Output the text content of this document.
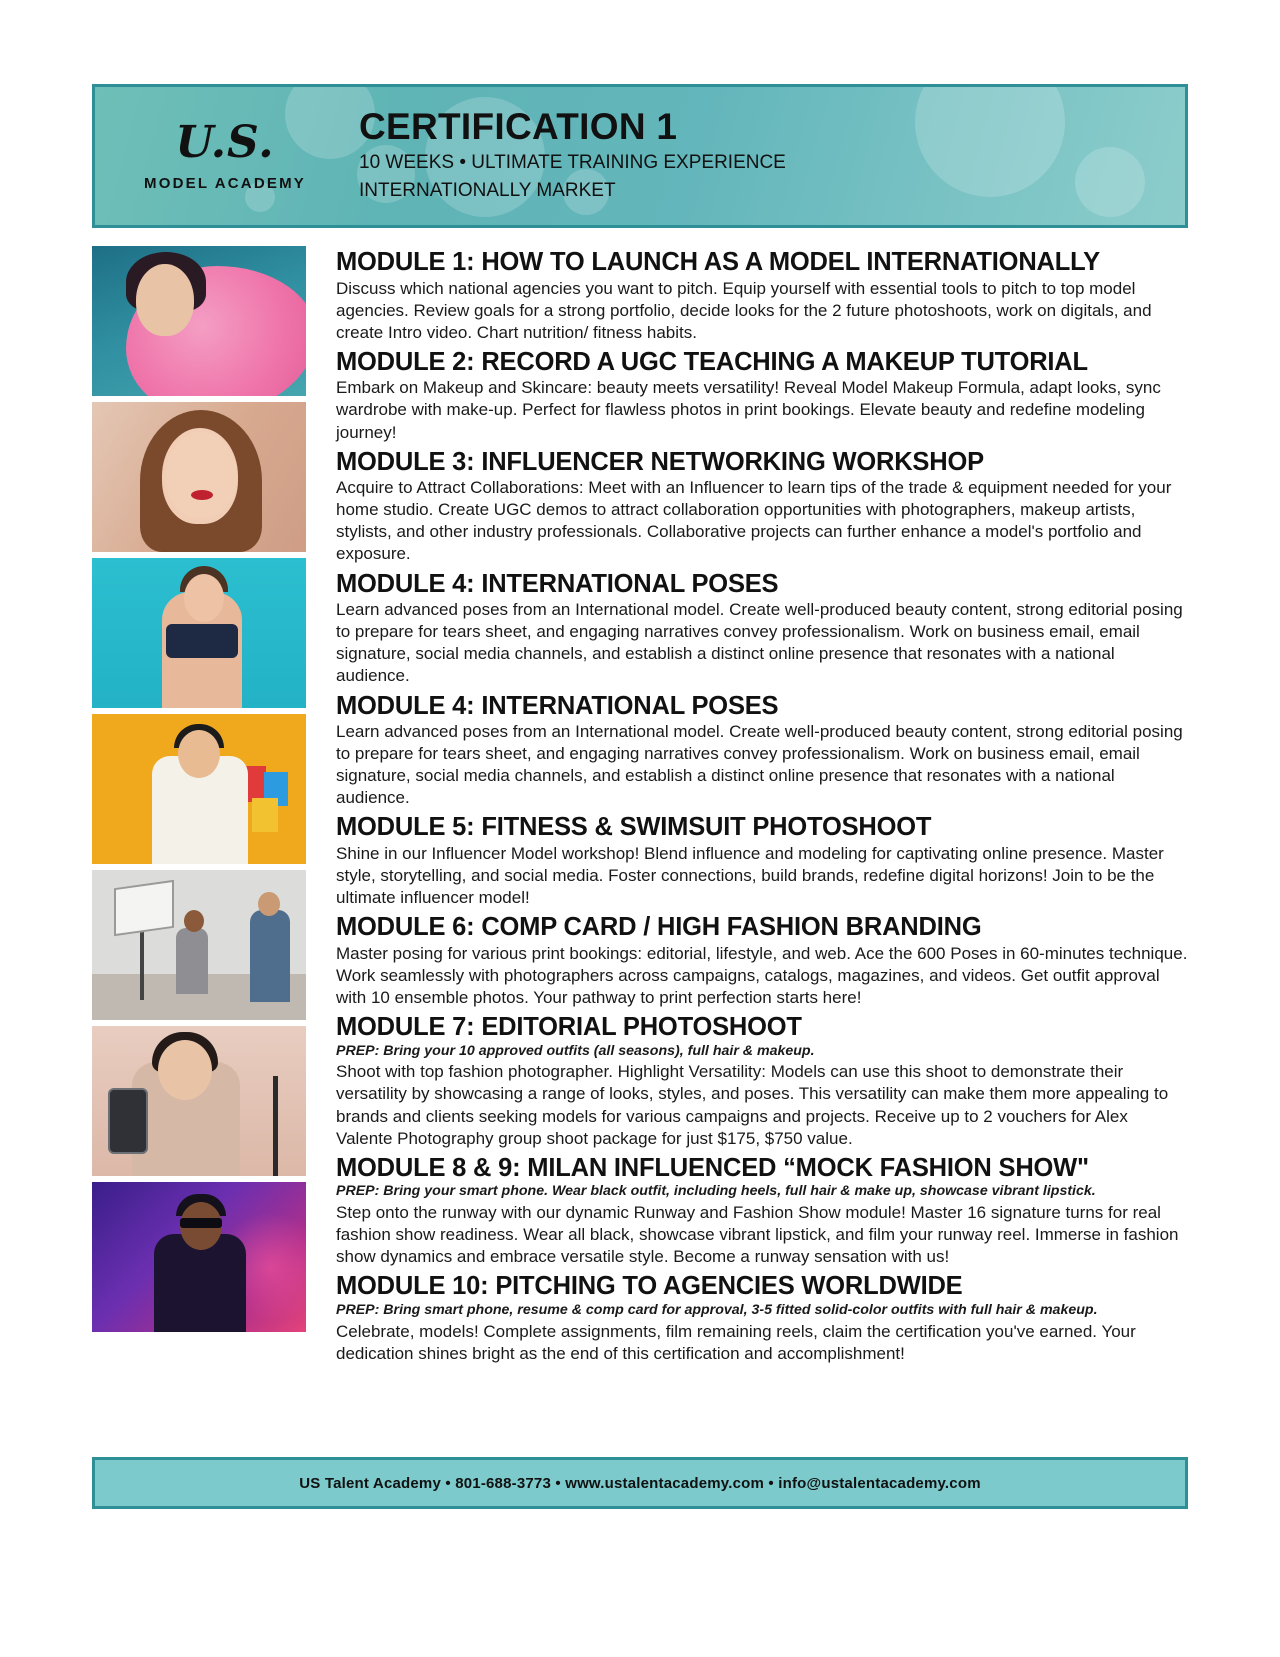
U.S.
MODEL ACADEMY
CERTIFICATION 1
10 WEEKS • ULTIMATE TRAINING EXPERIENCE
INTERNATIONALLY MARKET
MODULE 1: HOW TO LAUNCH AS A MODEL INTERNATIONALLY
Discuss which national agencies you want to pitch. Equip yourself with essential tools to pitch to top model agencies. Review goals for a strong portfolio, decide looks for the 2 future photoshoots, work on digitals, and create Intro video. Chart nutrition/ fitness habits.
MODULE 2: RECORD A UGC TEACHING A MAKEUP TUTORIAL
Embark on Makeup and Skincare: beauty meets versatility! Reveal Model Makeup Formula, adapt looks, sync wardrobe with make-up. Perfect for flawless photos in print bookings. Elevate beauty and redefine modeling journey!
MODULE 3: INFLUENCER NETWORKING WORKSHOP
Acquire to Attract Collaborations: Meet with an Influencer to learn tips of the trade & equipment needed for your home studio. Create UGC demos to attract collaboration opportunities with photographers, makeup artists, stylists, and other industry professionals. Collaborative projects can further enhance a model's portfolio and exposure.
MODULE 4: INTERNATIONAL POSES
Learn advanced poses from an International model. Create well-produced beauty content, strong editorial posing to prepare for tears sheet, and engaging narratives convey professionalism. Work on business email, email signature, social media channels, and establish a distinct online presence that resonates with a national audience.
MODULE 4: INTERNATIONAL POSES
Learn advanced poses from an International model. Create well-produced beauty content, strong editorial posing to prepare for tears sheet, and engaging narratives convey professionalism. Work on business email, email signature, social media channels, and establish a distinct online presence that resonates with a national audience.
MODULE 5: FITNESS & SWIMSUIT PHOTOSHOOT
Shine in our Influencer Model workshop! Blend influence and modeling for captivating online presence. Master style, storytelling, and social media. Foster connections, build brands, redefine digital horizons! Join to be the ultimate influencer model!
MODULE 6: COMP CARD / HIGH FASHION BRANDING
Master posing for various print bookings: editorial, lifestyle, and web. Ace the 600 Poses in 60-minutes technique. Work seamlessly with photographers across campaigns, catalogs, magazines, and videos. Get outfit approval with 10 ensemble photos. Your pathway to print perfection starts here!
MODULE 7: EDITORIAL PHOTOSHOOT
PREP: Bring your 10 approved outfits (all seasons), full hair & makeup.
Shoot with top fashion photographer. Highlight Versatility: Models can use this shoot to demonstrate their versatility by showcasing a range of looks, styles, and poses. This versatility can make them more appealing to brands and clients seeking models for various campaigns and projects. Receive up to 2 vouchers for Alex Valente Photography group shoot package for just $175, $750 value.
MODULE 8 & 9: MILAN INFLUENCED “MOCK FASHION SHOW"
PREP: Bring your smart phone. Wear black outfit, including heels, full hair & make up, showcase vibrant lipstick.
Step onto the runway with our dynamic Runway and Fashion Show module! Master 16 signature turns for real fashion show readiness. Wear all black, showcase vibrant lipstick, and film your runway reel. Immerse in fashion show dynamics and embrace versatile style. Become a runway sensation with us!
MODULE 10: PITCHING TO AGENCIES WORLDWIDE
PREP: Bring smart phone, resume & comp card for approval, 3-5 fitted solid-color outfits with full hair & makeup.
Celebrate, models! Complete assignments, film remaining reels, claim the certification you've earned. Your dedication shines bright as the end of this certification and accomplishment!
US Talent Academy • 801-688-3773 • www.ustalentacademy.com • info@ustalentacademy.com
